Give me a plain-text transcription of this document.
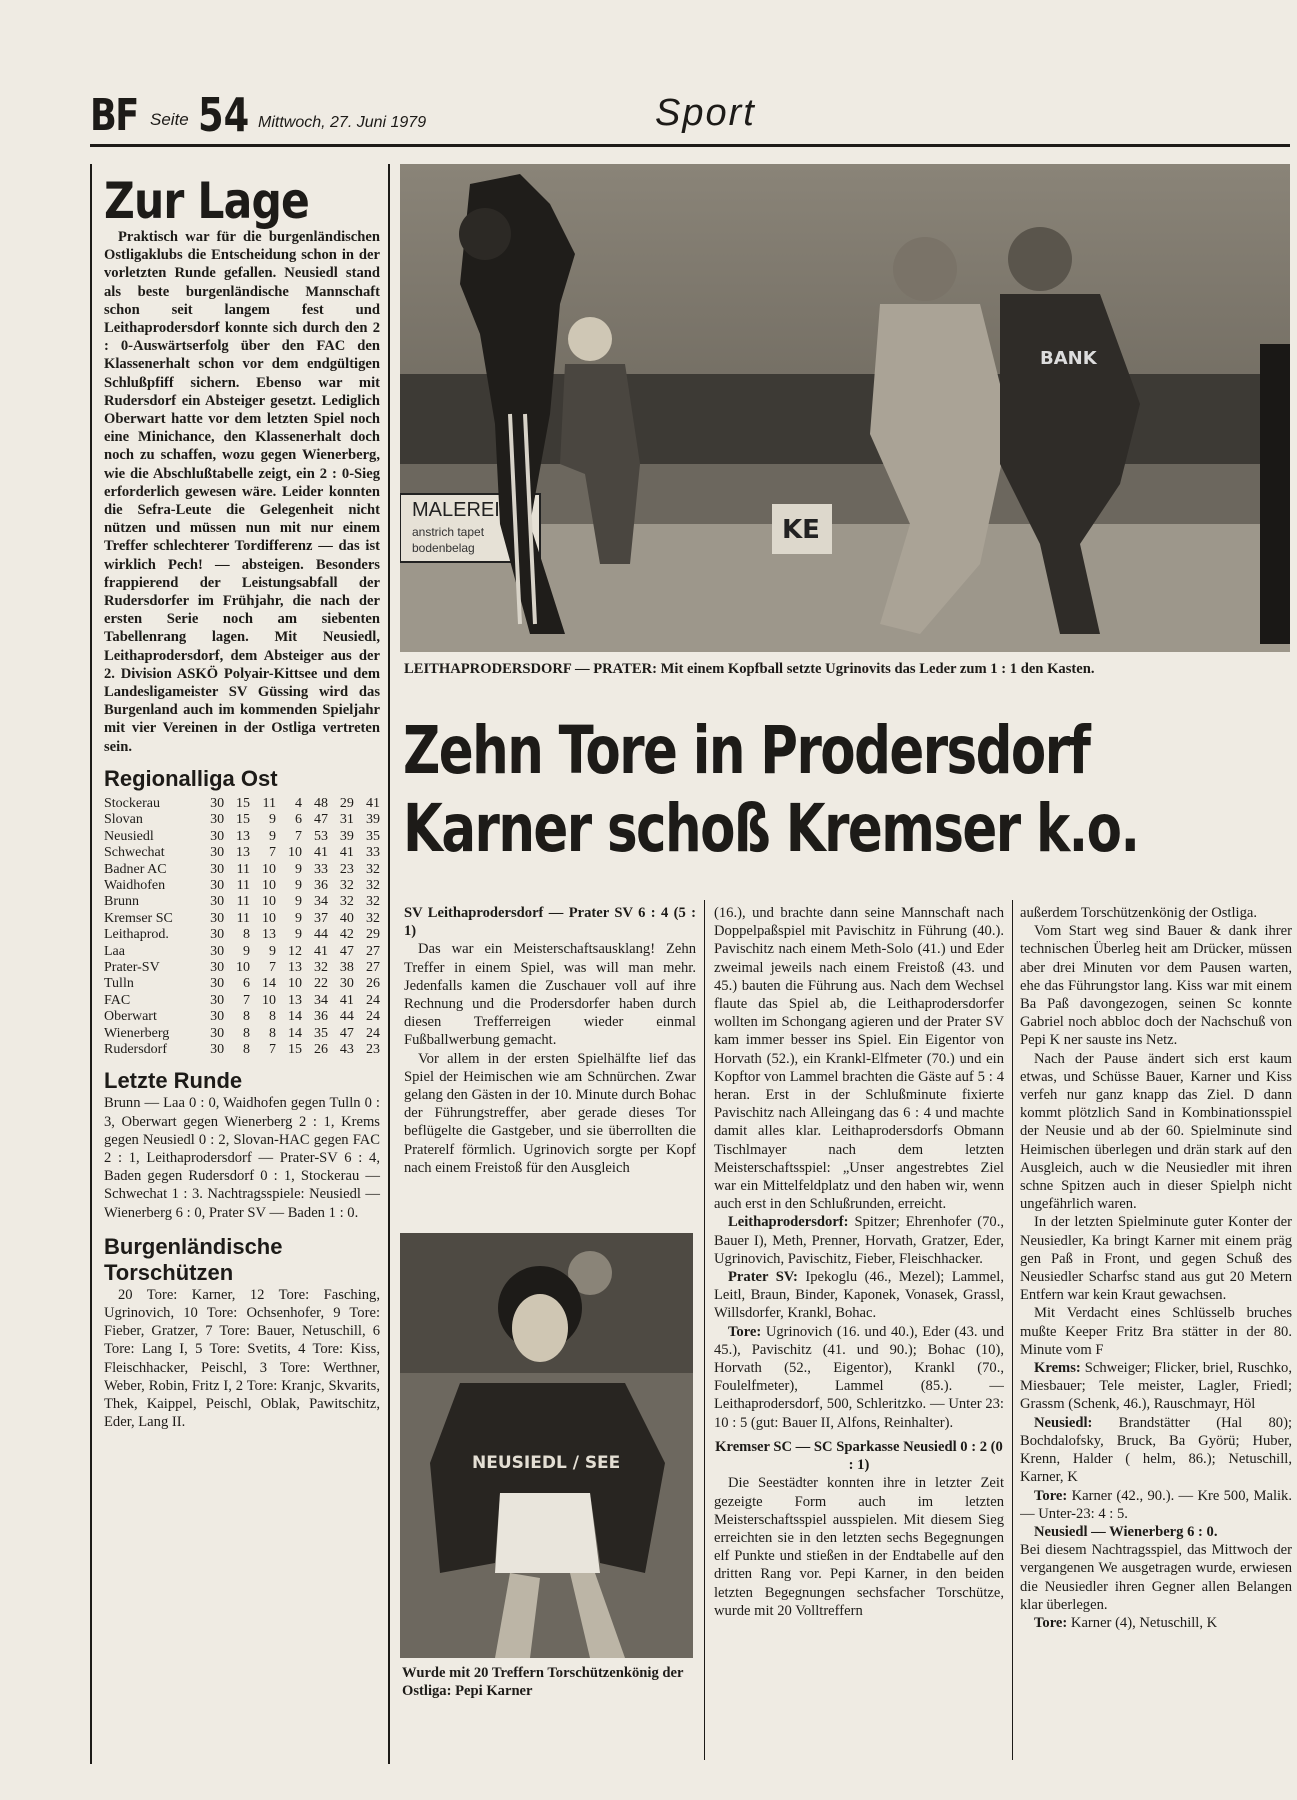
BF Seite 54 Mittwoch, 27. Juni 1979	Sport
Zur Lage

Praktisch war für die burgenländischen Ostligaklubs die Entscheidung schon in der vorletzten Runde gefallen. Neusiedl stand als beste burgenländische Mannschaft schon seit langem fest und Leithaprodersdorf konnte sich durch den 2 : 0-Auswärtserfolg über den FAC den Klassenerhalt schon vor dem endgültigen Schlußpfiff sichern. Ebenso war mit Rudersdorf ein Absteiger gesetzt. Lediglich Oberwart hatte vor dem letzten Spiel noch eine Minichance, den Klassenerhalt doch noch zu schaffen, wozu gegen Wienerberg, wie die Abschlußtabelle zeigt, ein 2 : 0-Sieg erforderlich gewesen wäre. Leider konnten die Sefra-Leute die Gelegenheit nicht nützen und müssen nun mit nur einem Treffer schlechterer Tordifferenz — das ist wirklich Pech! — absteigen. Besonders frappierend der Leistungsabfall der Rudersdorfer im Frühjahr, die nach der ersten Serie noch am siebenten Tabellenrang lagen. Mit Neusiedl, Leithaprodersdorf, dem Absteiger aus der 2. Division ASKÖ Polyair-Kittsee und dem Landesligameister SV Güssing wird das Burgenland auch im kommenden Spieljahr mit vier Vereinen in der Ostliga vertreten sein.

Regionalliga Ost
Stockerau	30	15	11	4	48	29	41
Slovan	30	15	9	6	47	31	39
Neusiedl	30	13	9	7	53	39	35
Schwechat	30	13	7	10	41	41	33
Badner AC	30	11	10	9	33	23	32
Waidhofen	30	11	10	9	36	32	32
Brunn	30	11	10	9	34	32	32
Kremser SC	30	11	10	9	37	40	32
Leithaprod.	30	8	13	9	44	42	29
Laa	30	9	9	12	41	47	27
Prater-SV	30	10	7	13	32	38	27
Tulln	30	6	14	10	22	30	26
FAC	30	7	10	13	34	41	24
Oberwart	30	8	8	14	36	44	24
Wienerberg	30	8	8	14	35	47	24
Rudersdorf	30	8	7	15	26	43	23
Letzte Runde

Brunn — Laa 0 : 0, Waidhofen gegen Tulln 0 : 3, Oberwart gegen Wienerberg 2 : 1, Krems gegen Neusiedl 0 : 2, Slovan-HAC gegen FAC 2 : 1, Leithaprodersdorf — Prater-SV 6 : 4, Baden gegen Rudersdorf 0 : 1, Stockerau — Schwechat 1 : 3. Nachtragsspiele: Neusiedl — Wienerberg 6 : 0, Prater SV — Baden 1 : 0.

Burgenländische
Torschützen

20 Tore: Karner, 12 Tore: Fasching, Ugrinovich, 10 Tore: Ochsenhofer, 9 Tore: Fieber, Gratzer, 7 Tore: Bauer, Netuschill, 6 Tore: Lang I, 5 Tore: Svetits, 4 Tore: Kiss, Fleischhacker, Peischl, 3 Tore: Werthner, Weber, Robin, Fritz I, 2 Tore: Kranjc, Skvarits, Thek, Kaippel, Peischl, Oblak, Pawitschitz, Eder, Lang II.

MALEREI
anstrich tapet
bodenbelag
KE
BANK

LEITHAPRODERSDORF — PRATER: Mit einem Kopfball setzte Ugrinovits das Leder zum 1 : 1 den Kasten.

Zehn Tore in Prodersdorf
Karner schoß Kremser k.o.

SV Leithaprodersdorf — Prater SV 6 : 4 (5 : 1)

Das war ein Meisterschaftsausklang! Zehn Treffer in einem Spiel, was will man mehr. Jedenfalls kamen die Zuschauer voll auf ihre Rechnung und die Prodersdorfer haben durch diesen Trefferreigen wieder einmal Fußballwerbung gemacht.

Vor allem in der ersten Spielhälfte lief das Spiel der Heimischen wie am Schnürchen. Zwar gelang den Gästen in der 10. Minute durch Bohac der Führungstreffer, aber gerade dieses Tor beflügelte die Gastgeber, und sie überrollten die Praterelf förmlich. Ugrinovich sorgte per Kopf nach einem Freistoß für den Ausgleich

NEUSIEDL / SEE

Wurde mit 20 Treffern Torschützenkönig der Ostliga: Pepi Karner

(16.), und brachte dann seine Mannschaft nach Doppelpaßspiel mit Pavischitz in Führung (40.). Pavischitz nach einem Meth-Solo (41.) und Eder zweimal jeweils nach einem Freistoß (43. und 45.) bauten die Führung aus. Nach dem Wechsel flaute das Spiel ab, die Leithaprodersdorfer wollten im Schongang agieren und der Prater SV kam immer besser ins Spiel. Ein Eigentor von Horvath (52.), ein Krankl-Elfmeter (70.) und ein Kopftor von Lammel brachten die Gäste auf 5 : 4 heran. Erst in der Schlußminute fixierte Pavischitz nach Alleingang das 6 : 4 und machte damit alles klar. Leithaprodersdorfs Obmann Tischlmayer nach dem letzten Meisterschaftsspiel: „Unser angestrebtes Ziel war ein Mittelfeldplatz und den haben wir, wenn auch erst in den Schlußrunden, erreicht.

Leithaprodersdorf: Spitzer; Ehrenhofer (70., Bauer I), Meth, Prenner, Horvath, Gratzer, Eder, Ugrinovich, Pavischitz, Fieber, Fleischhacker.

Prater SV: Ipekoglu (46., Mezel); Lammel, Leitl, Braun, Binder, Kaponek, Vonasek, Grassl, Willsdorfer, Krankl, Bohac.

Tore: Ugrinovich (16. und 40.), Eder (43. und 45.), Pavischitz (41. und 90.); Bohac (10), Horvath (52., Eigentor), Krankl (70., Foulelfmeter), Lammel (85.). — Leithaprodersdorf, 500, Schleritzko. — Unter 23: 10 : 5 (gut: Bauer II, Alfons, Reinhalter).

Kremser SC — SC Sparkasse Neusiedl 0 : 2 (0 : 1)

Die Seestädter konnten ihre in letzter Zeit gezeigte Form auch im letzten Meisterschaftsspiel ausspielen. Mit diesem Sieg erreichten sie in den letzten sechs Begegnungen elf Punkte und stießen in der Endtabelle auf den dritten Rang vor. Pepi Karner, in den beiden letzten Begegnungen sechsfacher Torschütze, wurde mit 20 Volltreffern

außerdem Torschützenkönig der Ostliga.

Vom Start weg sind Bauer & dank ihrer technischen Überleg heit am Drücker, müssen aber drei Minuten vor dem Pausen warten, ehe das Führungstor lang. Kiss war mit einem Ba Paß davongezogen, seinen Sc konnte Gabriel noch abbloc doch der Nachschuß von Pepi K ner sauste ins Netz.

Nach der Pause ändert sich erst kaum etwas, und Schüsse Bauer, Karner und Kiss verfeh nur ganz knapp das Ziel. D dann kommt plötzlich Sand in Kombinationsspiel der Neusie und ab der 60. Spielminute sind Heimischen überlegen und drän stark auf den Ausgleich, auch w die Neusiedler mit ihren schne Spitzen auch in dieser Spielph nicht ungefährlich waren.

In der letzten Spielminute guter Konter der Neusiedler, Ka bringt Karner mit einem präg gen Paß in Front, und gegen Schuß des Neusiedler Scharfsc stand aus gut 20 Metern Entfern war kein Kraut gewachsen.

Mit Verdacht eines Schlüsselb bruches mußte Keeper Fritz Bra stätter in der 80. Minute vom F

Krems: Schweiger; Flicker, briel, Ruschko, Miesbauer; Tele meister, Lagler, Friedl; Grassm (Schenk, 46.), Rauschmayr, Höl

Neusiedl: Brandstätter (Hal 80); Bochdalofsky, Bruck, Ba Györü; Huber, Krenn, Halder ( helm, 86.); Netuschill, Karner, K

Tore: Karner (42., 90.). — Kre 500, Malik. — Unter-23: 4 : 5.

Neusiedl — Wienerberg 6 : 0.

Bei diesem Nachtragsspiel, das Mittwoch der vergangenen We ausgetragen wurde, erwiesen die Neusiedler ihren Gegner allen Belangen klar überlegen.

Tore: Karner (4), Netuschill, K
